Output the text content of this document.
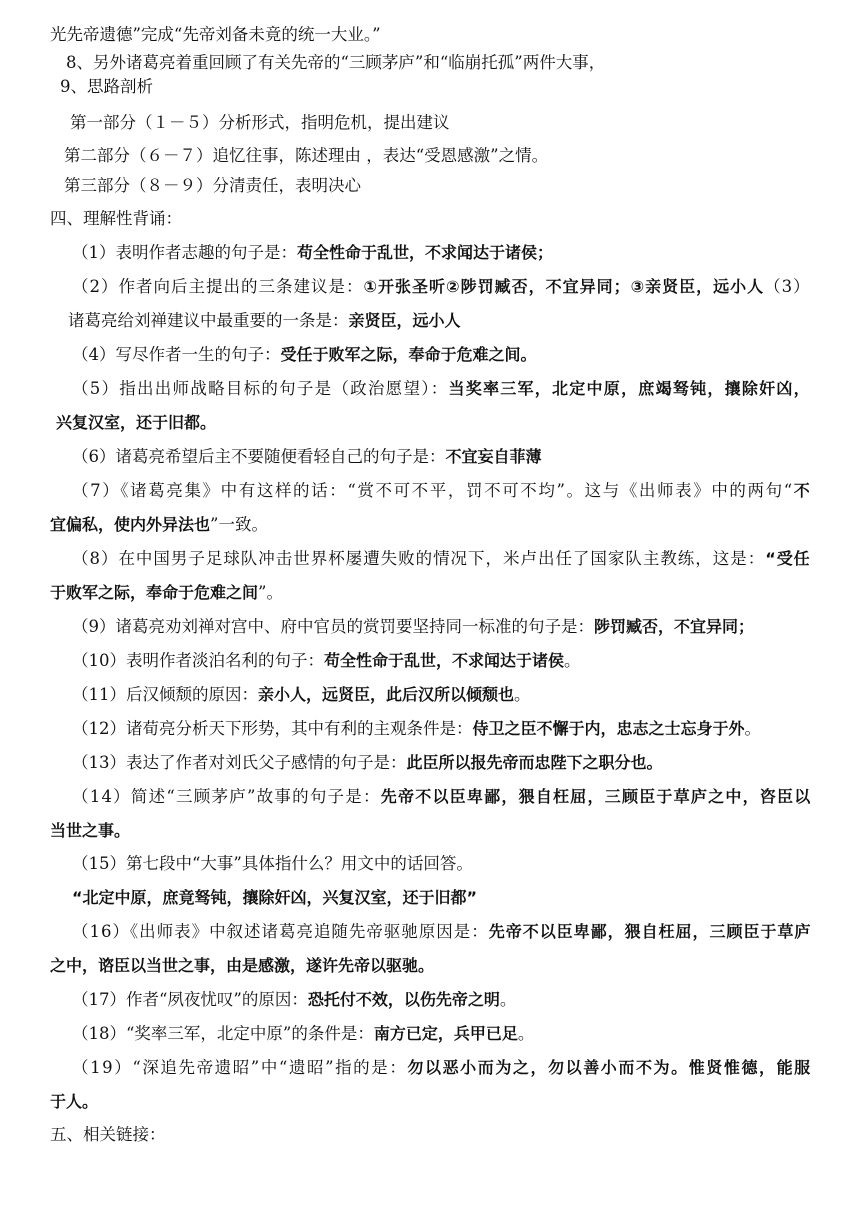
光先帝遗德”完成“先帝刘备未竟的统一大业。”
8、另外诸葛亮着重回顾了有关先帝的“三顾茅庐”和“临崩托孤”两件大事，
9、思路剖析
第一部分（１－５）分析形式，指明危机，提出建议
第二部分（６－７）追忆往事，陈述理由 ，表达“受恩感激”之情。
第三部分（８－９）分清责任，表明决心
四、理解性背诵：
（1）表明作者志趣的句子是：苟全性命于乱世，不求闻达于诸侯；
（2）作者向后主提出的三条建议是：①开张圣听②陟罚臧否，不宜异同；③亲贤臣，远小人（3）
诸葛亮给刘禅建议中最重要的一条是：亲贤臣，远小人
（4）写尽作者一生的句子：受任于败军之际，奉命于危难之间。
（5）指出出师战略目标的句子是（政治愿望）：当奖率三军，北定中原，庶竭驽钝，攘除奸凶，
兴复汉室，还于旧都。
（6）诸葛亮希望后主不要随便看轻自己的句子是：不宜妄自菲薄
（7）《诸葛亮集》中有这样的话：“赏不可不平，罚不可不均”。这与《出师表》中的两句“不
宜偏私，使内外异法也”一致。
（8）在中国男子足球队冲击世界杯屡遭失败的情况下，米卢出任了国家队主教练，这是：“受任
于败军之际，奉命于危难之间”。
（9）诸葛亮劝刘禅对宫中、府中官员的赏罚要坚持同一标准的句子是：陟罚臧否，不宜异同；
（10）表明作者淡泊名利的句子：苟全性命于乱世，不求闻达于诸侯。
（11）后汉倾颓的原因：亲小人，远贤臣，此后汉所以倾颓也。
（12）诸荀亮分析天下形势，其中有利的主观条件是：侍卫之臣不懈于内，忠志之士忘身于外。
（13）表达了作者对刘氏父子感情的句子是：此臣所以报先帝而忠陛下之职分也。
（14）简述“三顾茅庐”故事的句子是：先帝不以臣卑鄙，猥自枉屈，三顾臣于草庐之中，咨臣以
当世之事。
（15）第七段中“大事”具体指什么？用文中的话回答。
“北定中原，庶竟驽钝，攘除奸凶，兴复汉室，还于旧都”
（16）《出师表》中叙述诸葛亮追随先帝驱驰原因是：先帝不以臣卑鄙，猥自枉屈，三顾臣于草庐
之中，谘臣以当世之事，由是感激，遂许先帝以驱驰。
（17）作者“夙夜忧叹”的原因：恐托付不效，以伤先帝之明。
（18）“奖率三军，北定中原”的条件是：南方已定，兵甲已足。
（19）“深追先帝遗昭”中“遗昭”指的是：勿以恶小而为之，勿以善小而不为。惟贤惟德，能服
于人。
五、相关链接：
